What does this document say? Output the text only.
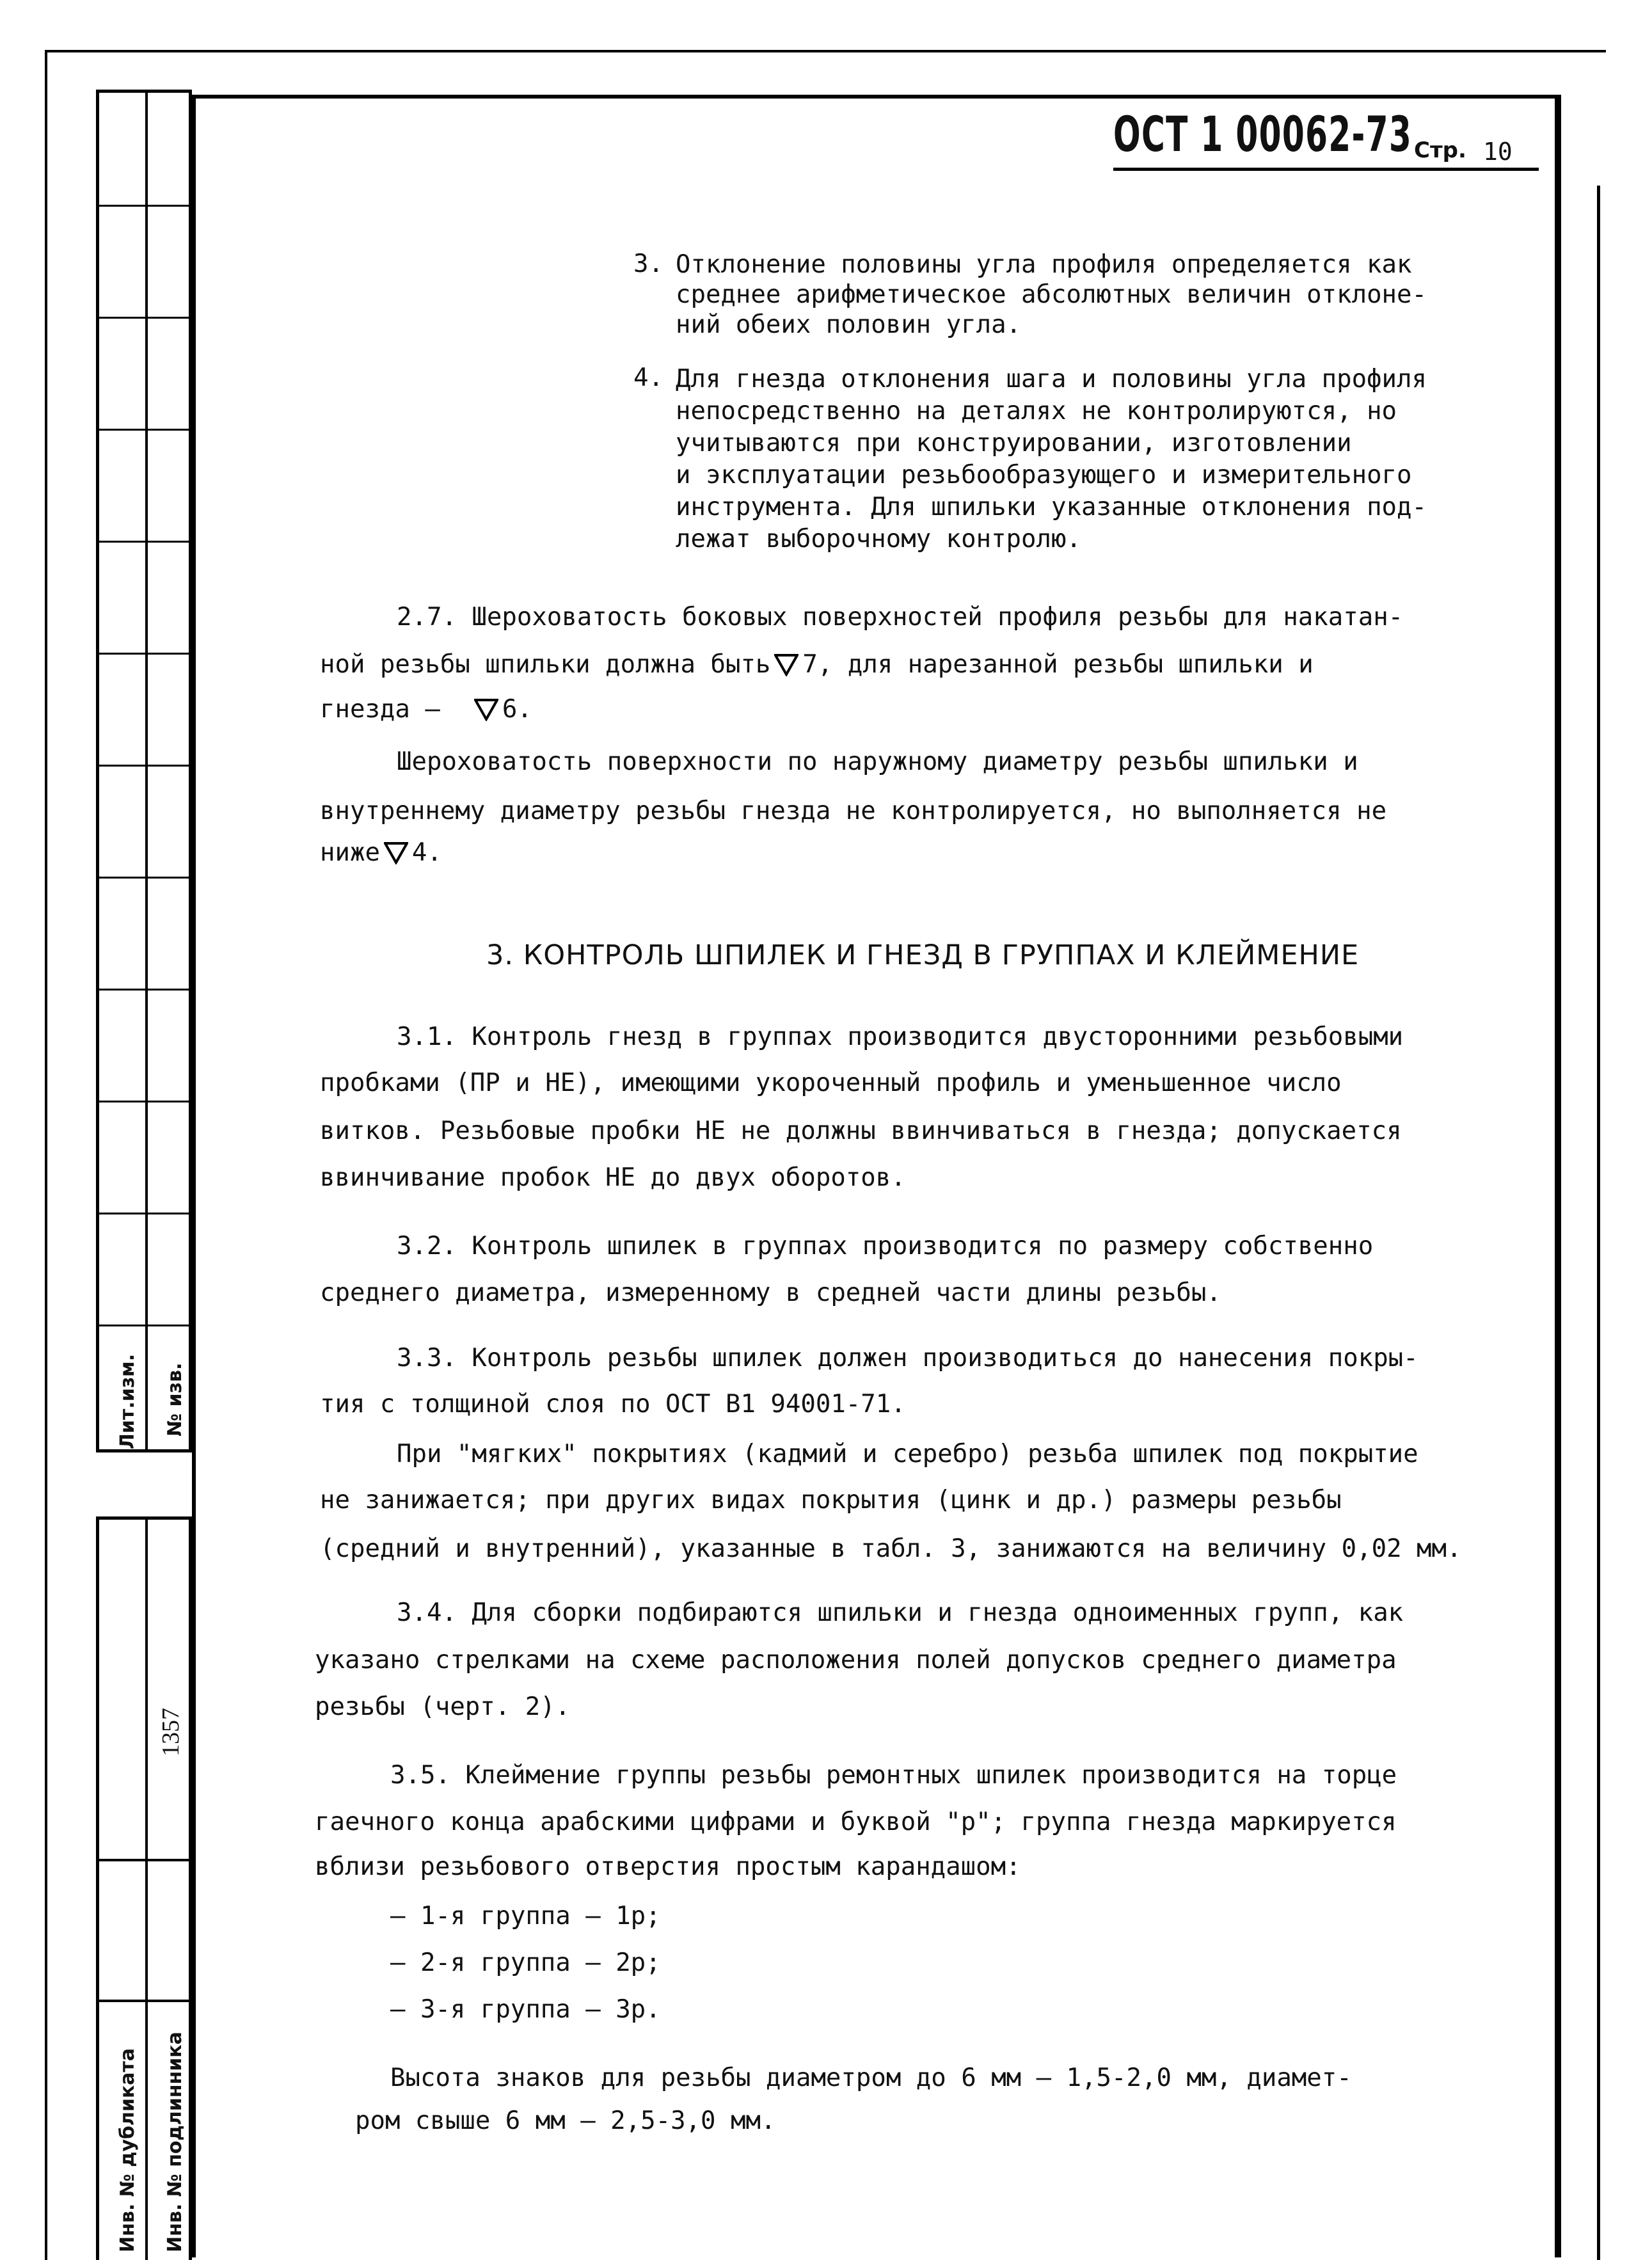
Лит.изм. № изв.
1357
Инв. № дубликата Инв. № подлинника
ОСТ 1 00062-73 Стр. 10
3. Отклонение половины угла профиля определяется как
среднее арифметическое абсолютных величин отклоне-
ний обеих половин угла.
4. Для гнезда отклонения шага и половины угла профиля
непосредственно на деталях не контролируются, но
учитываются при конструировании, изготовлении
и эксплуатации резьбообразующего и измерительного
инструмента. Для шпильки указанные отклонения под-
лежат выборочному контролю.
2.7. Шероховатость боковых поверхностей профиля резьбы для накатан-
ной резьбы шпильки должна быть 7, для нарезанной резьбы шпильки и
гнезда – 6.
Шероховатость поверхности по наружному диаметру резьбы шпильки и
внутреннему диаметру резьбы гнезда не контролируется, но выполняется не
ниже 4.
3. КОНТРОЛЬ ШПИЛЕК И ГНЕЗД В ГРУППАХ И КЛЕЙМЕНИЕ
3.1. Контроль гнезд в группах производится двусторонними резьбовыми
пробками (ПР и НЕ), имеющими укороченный профиль и уменьшенное число
витков. Резьбовые пробки НЕ не должны ввинчиваться в гнезда; допускается
ввинчивание пробок НЕ до двух оборотов.
3.2. Контроль шпилек в группах производится по размеру собственно
среднего диаметра, измеренному в средней части длины резьбы.
3.3. Контроль резьбы шпилек должен производиться до нанесения покры-
тия с толщиной слоя по ОСТ В1 94001-71.
При "мягких" покрытиях (кадмий и серебро) резьба шпилек под покрытие
не занижается; при других видах покрытия (цинк и др.) размеры резьбы
(средний и внутренний), указанные в табл. 3, занижаются на величину 0,02 мм.
3.4. Для сборки подбираются шпильки и гнезда одноименных групп, как
указано стрелками на схеме расположения полей допусков среднего диаметра
резьбы (черт. 2).
3.5. Клеймение группы резьбы ремонтных шпилек производится на торце
гаечного конца арабскими цифрами и буквой "р"; группа гнезда маркируется
вблизи резьбового отверстия простым карандашом:
– 1-я группа – 1р;
– 2-я группа – 2р;
– 3-я группа – 3р.
Высота знаков для резьбы диаметром до 6 мм – 1,5-2,0 мм, диамет-
ром свыше 6 мм – 2,5-3,0 мм.
